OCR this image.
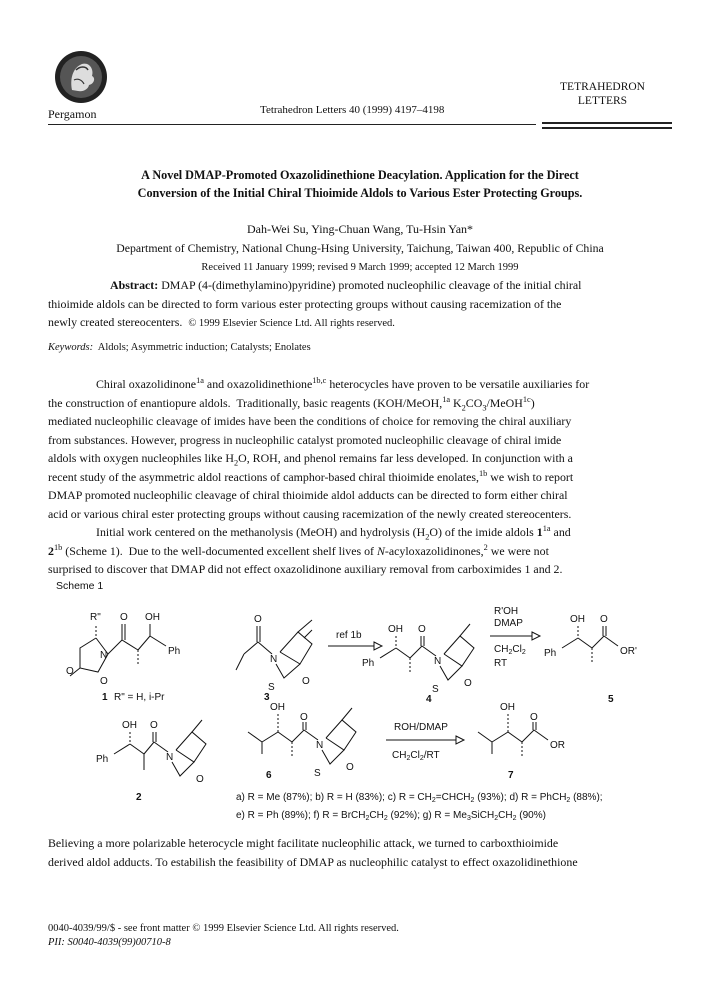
Pergamon	Tetrahedron Letters 40 (1999) 4197–4198
TETRAHEDRON
LETTERS
A Novel DMAP-Promoted Oxazolidinethione Deacylation. Application for the Direct
Conversion of the Initial Chiral Thioimide Aldols to Various Ester Protecting Groups.
Dah-Wei Su, Ying-Chuan Wang, Tu-Hsin Yan*
Department of Chemistry, National Chung-Hsing University, Taichung, Taiwan 400, Republic of China
Received 11 January 1999; revised 9 March 1999; accepted 12 March 1999
Abstract: DMAP (4-(dimethylamino)pyridine) promoted nucleophilic cleavage of the initial chiral
thioimide aldols can be directed to form various ester protecting groups without causing racemization of the
newly created stereocenters. © 1999 Elsevier Science Ltd. All rights reserved.
Keywords: Aldols; Asymmetric induction; Catalysts; Enolates
Chiral oxazolidinone$^{1a}$ and oxazolidinethione$^{1b,c}$ heterocycles have proven to be versatile auxiliaries for
the construction of enantiopure aldols.  Traditionally, basic reagents (KOH/MeOH,$^{1a}$ $K_2CO_3/MeOH^{1c}$)
mediated nucleophilic cleavage of imides have been the conditions of choice for removing the chiral auxiliary
from substances. However, progress in nucleophilic catalyst promoted nucleophilic cleavage of chiral imide
aldols with oxygen nucleophiles like $H_2O$, ROH, and phenol remains far less developed. In conjunction with a
recent study of the asymmetric aldol reactions of camphor-based chiral thioimide enolates,$^{1b}$ we wish to report
DMAP promoted nucleophilic cleavage of chiral thioimide aldol adducts can be directed to form either chiral
acid or various chiral ester protecting groups without causing racemization of the newly created stereocenters.
Initial work centered on the methanolysis (MeOH) and hydrolysis $(H_2O)$ of the imide aldols $1^{1a}$ and
$2^{1b}$ (Scheme 1).  Due to the well-documented excellent shelf lives of N-acyloxazolidinones,$^2$ we were not
surprised to discover that DMAP did not effect oxazolidinone auxiliary removal from carboximides 1 and 2.
Scheme 1
R" O OH
N
O
O
Ph
1 R" = H, i-Pr
O
N
S
O
3
ref 1b
OH O
Ph	N
S
O
4
R'OH
DMAP
$CH_2Cl_2$
RT
OH O
Ph	OR'
5
OH O
Ph	N
O
2
OH
O
N
S
O
6
ROH/DMAP
$CH_2Cl_2/RT$
OH
O
OR
7
a) R = Me (87%); b) R = H (83%); c) $R = CH_2=CHCH_2$ (93%); d) R = PhCH$_2$ (88%);
e) R = Ph (89%); f) $R = BrCH_2CH_2$ (92%); g) $R = Me_3SiCH_2CH_2$ (90%)
Believing a more polarizable heterocycle might facilitate nucleophilic attack, we turned to carboxthioimide
derived aldol adducts. To estabilish the feasibility of DMAP as nucleophilic catalyst to effect oxazolidinethione
0040-4039/99/$ - see front matter © 1999 Elsevier Science Ltd. All rights reserved.
PII: S0040-4039(99)00710-8
